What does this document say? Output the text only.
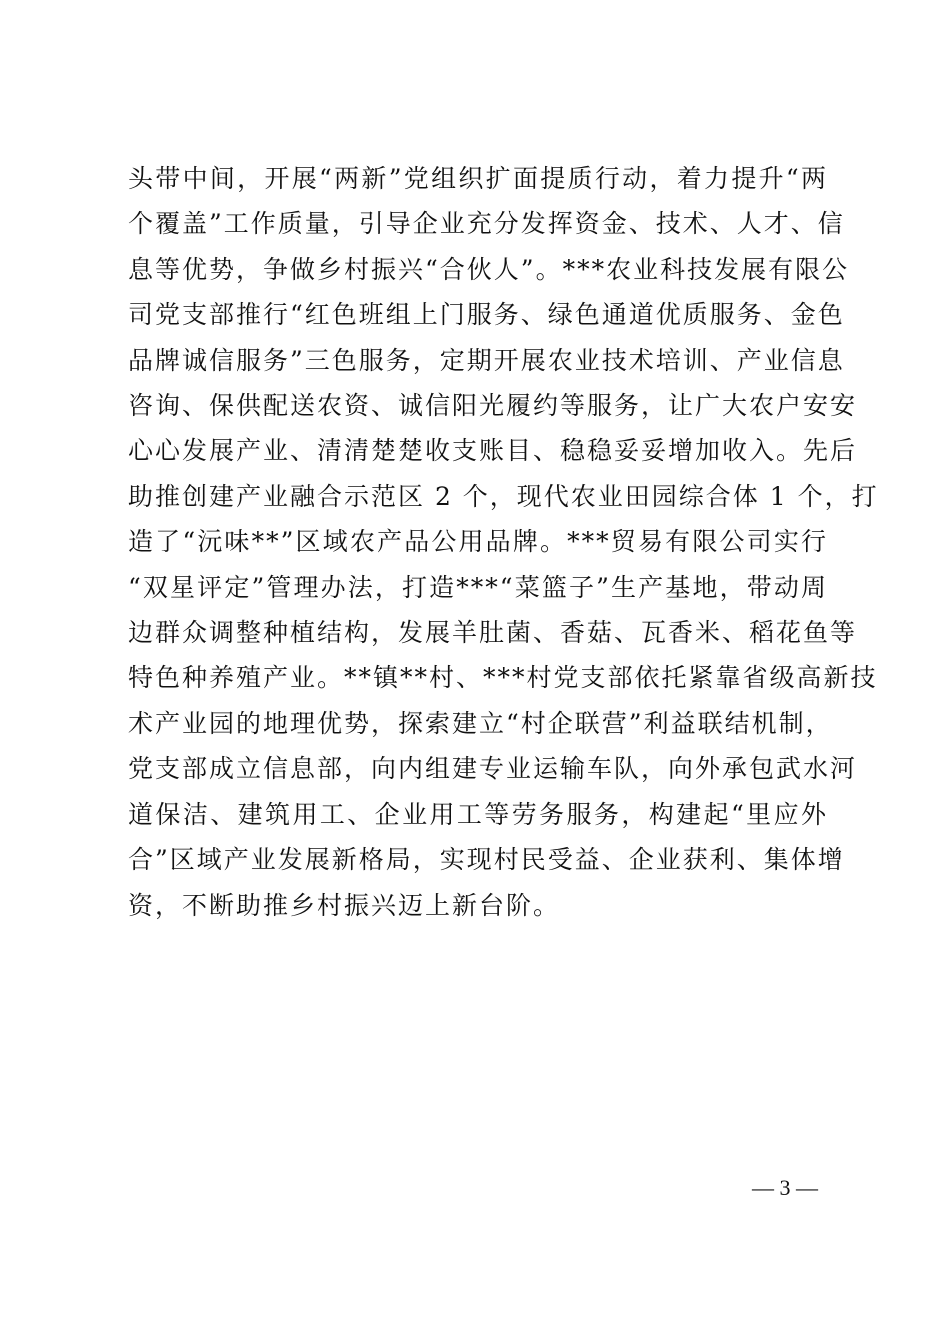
头带中间，开展“两新”党组织扩面提质行动，着力提升“两
个覆盖”工作质量，引导企业充分发挥资金、技术、人才、信
息等优势，争做乡村振兴“合伙人”。***农业科技发展有限公
司党支部推行“红色班组上门服务、绿色通道优质服务、金色
品牌诚信服务”三色服务，定期开展农业技术培训、产业信息
咨询、保供配送农资、诚信阳光履约等服务，让广大农户安安
心心发展产业、清清楚楚收支账目、稳稳妥妥增加收入。先后
助推创建产业融合示范区 2 个，现代农业田园综合体 1 个，打
造了“沅味**”区域农产品公用品牌。***贸易有限公司实行
“双星评定”管理办法，打造***“菜篮子”生产基地，带动周
边群众调整种植结构，发展羊肚菌、香菇、瓦香米、稻花鱼等
特色种养殖产业。**镇**村、***村党支部依托紧靠省级高新技
术产业园的地理优势，探索建立“村企联营”利益联结机制，
党支部成立信息部，向内组建专业运输车队，向外承包武水河
道保洁、建筑用工、企业用工等劳务服务，构建起“里应外
合”区域产业发展新格局，实现村民受益、企业获利、集体增
资，不断助推乡村振兴迈上新台阶。
— 3 —
